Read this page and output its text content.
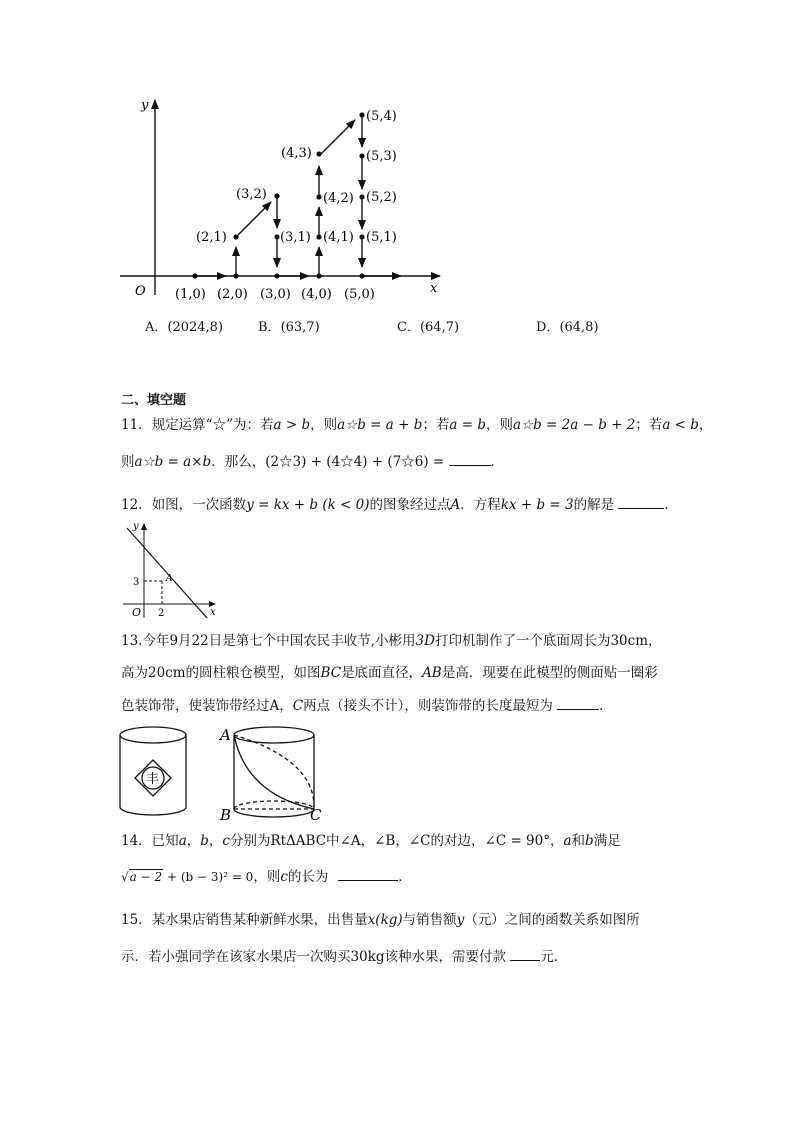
x
y
O (1,0) (2,0) (3,0) (4,0) (5,0)
(2,1)
(3,2)
(3,1)
(4,3)
(4,2)
(4,1)
(5,4)
(5,3)
(5,2)
(5,1)
A．(2024,8)	B．(63,7)	C．(64,7)	D．(64,8)
二、填空题
11．规定运算“☆”为：若a > b，则a☆b = a + b；若a = b，则a☆b = 2a − b + 2；若a < b，
则a☆b = a×b．那么，(2☆3) + (4☆4) + (7☆6) =	．
12．如图，一次函数y = kx + b (k < 0)的图象经过点A．方程kx + b = 3的解是	．
y
x
O
3
2
A
13.今年9月22日是第七个中国农民丰收节,小彬用3D打印机制作了一个底面周长为30cm，
高为20cm的圆柱粮仓模型，如图BC是底面直径，AB是高．现要在此模型的侧面贴一圈彩
色装饰带，使装饰带经过A，C两点（接头不计），则装饰带的长度最短为	．
丰
A
B	C
14．已知a，b，c分别为RtΔABC中∠A，∠B，∠C的对边，∠C = 90°，a和b满足
√a − 2 + (b − 3)² = 0，则c的长为	．
15．某水果店销售某种新鲜水果，出售量x(kg)与销售额y（元）之间的函数关系如图所
示．若小强同学在该家水果店一次购买30kg该种水果，需要付款	元．
